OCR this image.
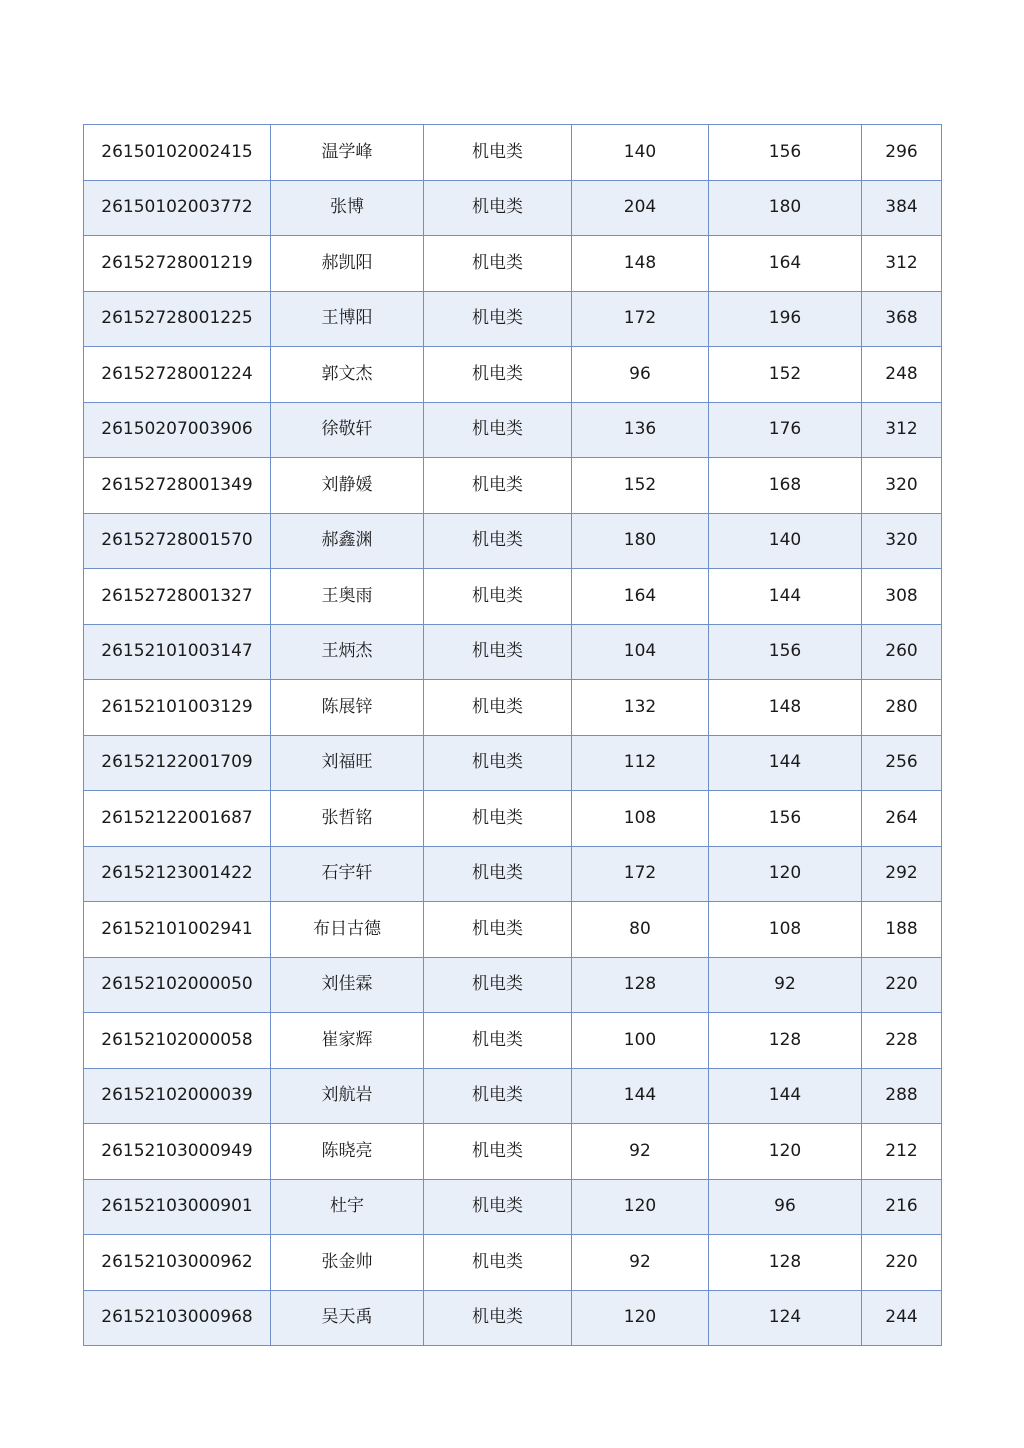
26150102002415	温学峰	机电类	140	156	296
26150102003772	张博	机电类	204	180	384
26152728001219	郝凯阳	机电类	148	164	312
26152728001225	王博阳	机电类	172	196	368
26152728001224	郭文杰	机电类	96	152	248
26150207003906	徐敬轩	机电类	136	176	312
26152728001349	刘静媛	机电类	152	168	320
26152728001570	郝鑫渊	机电类	180	140	320
26152728001327	王奥雨	机电类	164	144	308
26152101003147	王炳杰	机电类	104	156	260
26152101003129	陈展锌	机电类	132	148	280
26152122001709	刘福旺	机电类	112	144	256
26152122001687	张哲铭	机电类	108	156	264
26152123001422	石宇轩	机电类	172	120	292
26152101002941	布日古德	机电类	80	108	188
26152102000050	刘佳霖	机电类	128	92	220
26152102000058	崔家辉	机电类	100	128	228
26152102000039	刘航岩	机电类	144	144	288
26152103000949	陈晓亮	机电类	92	120	212
26152103000901	杜宇	机电类	120	96	216
26152103000962	张金帅	机电类	92	128	220
26152103000968	吴天禹	机电类	120	124	244
